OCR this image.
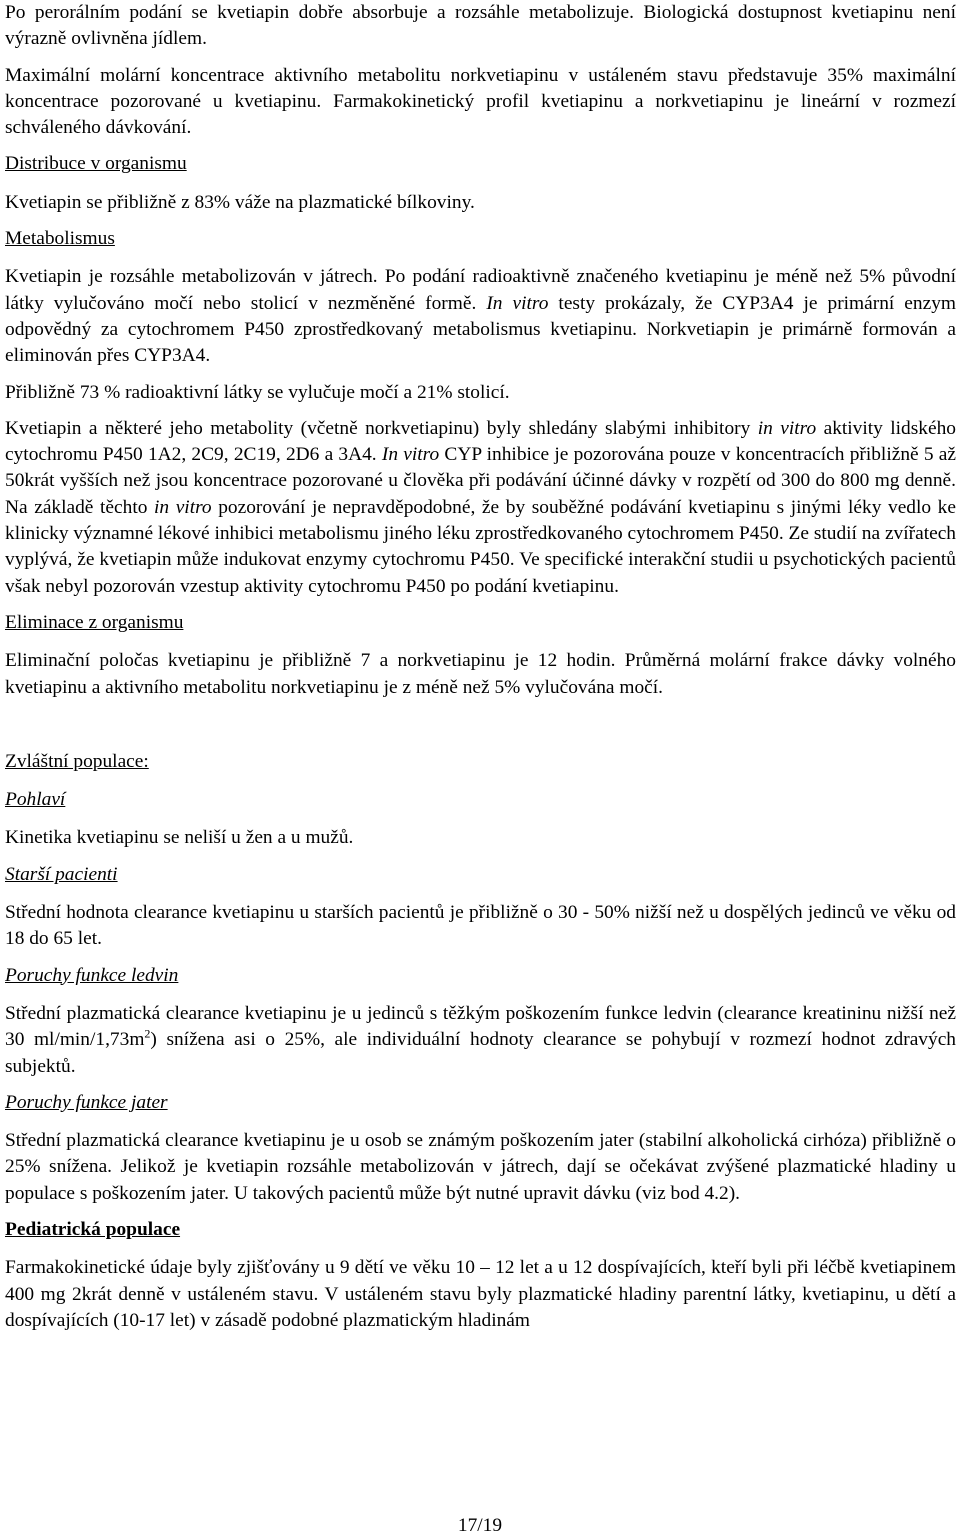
Po perorálním podání se kvetiapin dobře absorbuje a rozsáhle metabolizuje. Biologická dostupnost kvetiapinu není výrazně ovlivněna jídlem.

Maximální molární koncentrace aktivního metabolitu norkvetiapinu v ustáleném stavu představuje 35% maximální koncentrace pozorované u kvetiapinu. Farmakokinetický profil kvetiapinu a norkvetiapinu je lineární v rozmezí schváleného dávkování.

Distribuce v organismu

Kvetiapin se přibližně z 83% váže na plazmatické bílkoviny.

Metabolismus

Kvetiapin je rozsáhle metabolizován v játrech. Po podání radioaktivně značeného kvetiapinu je méně než 5% původní látky vylučováno močí nebo stolicí v nezměněné formě. In vitro testy prokázaly, že CYP3A4 je primární enzym odpovědný za cytochromem P450 zprostředkovaný metabolismus kvetiapinu. Norkvetiapin je primárně formován a eliminován přes CYP3A4.

Přibližně 73 % radioaktivní látky se vylučuje močí a 21% stolicí.

Kvetiapin a některé jeho metabolity (včetně norkvetiapinu) byly shledány slabými inhibitory in vitro aktivity lidského cytochromu P450 1A2, 2C9, 2C19, 2D6 a 3A4. In vitro CYP inhibice je pozorována pouze v koncentracích přibližně 5 až 50krát vyšších než jsou koncentrace pozorované u člověka při podávání účinné dávky v rozpětí od 300 do 800 mg denně. Na základě těchto in vitro pozorování je nepravděpodobné, že by souběžné podávání kvetiapinu s jinými léky vedlo ke klinicky významné lékové inhibici metabolismu jiného léku zprostředkovaného cytochromem P450. Ze studií na zvířatech vyplývá, že kvetiapin může indukovat enzymy cytochromu P450. Ve specifické interakční studii u psychotických pacientů však nebyl pozorován vzestup aktivity cytochromu P450 po podání kvetiapinu.

Eliminace z organismu

Eliminační poločas kvetiapinu je přibližně 7 a norkvetiapinu je 12 hodin. Průměrná molární frakce dávky volného kvetiapinu a aktivního metabolitu norkvetiapinu je z méně než 5% vylučována močí.

Zvláštní populace:

Pohlaví

Kinetika kvetiapinu se neliší u žen a u mužů.

Starší pacienti

Střední hodnota clearance kvetiapinu u starších pacientů je přibližně o 30 - 50% nižší než u dospělých jedinců ve věku od 18 do 65 let.

Poruchy funkce ledvin

Střední plazmatická clearance kvetiapinu je u jedinců s těžkým poškozením funkce ledvin (clearance kreatininu nižší než 30 $ml/\min/1,73m^2$) snížena asi o 25%, ale individuální hodnoty clearance se pohybují v rozmezí hodnot zdravých subjektů.

Poruchy funkce jater

Střední plazmatická clearance kvetiapinu je u osob se známým poškozením jater (stabilní alkoholická cirhóza) přibližně o 25% snížena. Jelikož je kvetiapin rozsáhle metabolizován v játrech, dají se očekávat zvýšené plazmatické hladiny u populace s poškozením jater. U takových pacientů může být nutné upravit dávku (viz bod 4.2).

Pediatrická populace

Farmakokinetické údaje byly zjišťovány u 9 dětí ve věku 10 – 12 let a u 12 dospívajících, kteří byli při léčbě kvetiapinem 400 mg 2krát denně v ustáleném stavu. V ustáleném stavu byly plazmatické hladiny parentní látky, kvetiapinu, u dětí a dospívajících (10-17 let) v zásadě podobné plazmatickým hladinám

17/19
